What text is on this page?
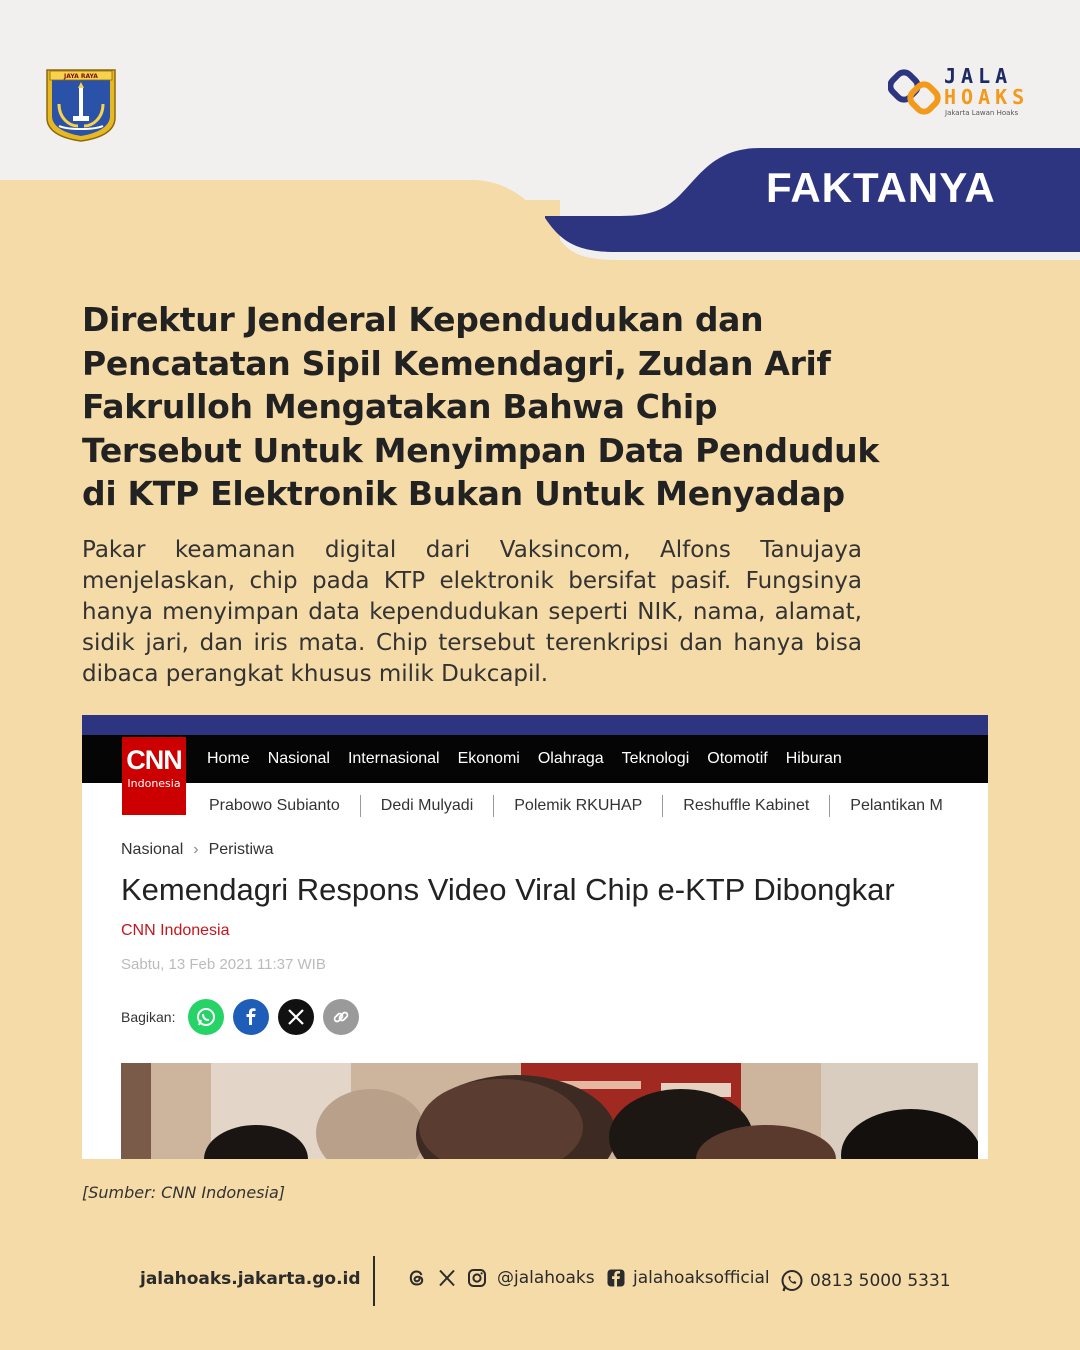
JAYA RAYA	JALA
HOAKS
Jakarta Lawan Hoaks
FAKTANYA
Direktur Jenderal Kependudukan dan Pencatatan Sipil Kemendagri, Zudan Arif Fakrulloh Mengatakan Bahwa Chip Tersebut Untuk Menyimpan Data Penduduk di KTP Elektronik Bukan Untuk Menyadap
Pakar keamanan digital dari Vaksincom, Alfons Tanujaya menjelaskan, chip pada KTP elektronik bersifat pasif. Fungsinya hanya menyimpan data kependudukan seperti NIK, nama, alamat, sidik jari, dan iris mata. Chip tersebut terenkripsi dan hanya bisa dibaca perangkat khusus milik Dukcapil.
Home Nasional Internasional Ekonomi Olahraga Teknologi Otomotif Hiburan
CNN
Indonesia
Prabowo Subianto	Dedi Mulyadi	Polemik RKUHAP	Reshuffle Kabinet	Pelantikan M
Nasional › Peristiwa
Kemendagri Respons Video Viral Chip e-KTP Dibongkar
CNN Indonesia
Sabtu, 13 Feb 2021 11:37 WIB
Bagikan:
[Sumber: CNN Indonesia]
jalahoaks.jakarta.go.id	@jalahoaks jalahoaksofficial 0813 5000 5331
